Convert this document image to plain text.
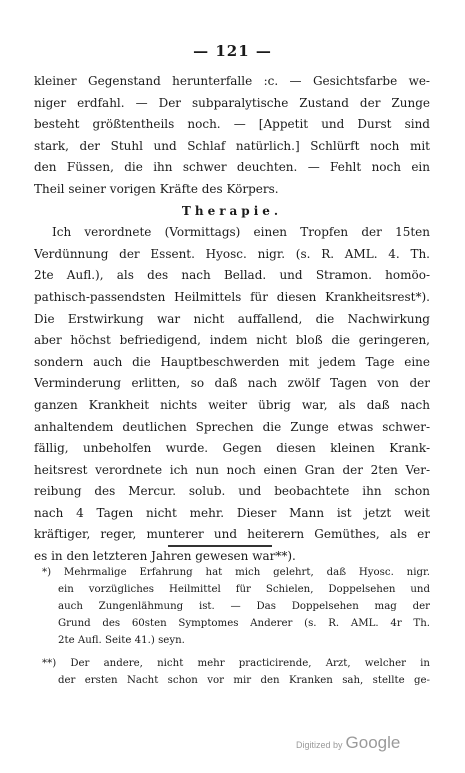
— 121 —
kleiner Gegenstand herunterfalle :c. — Gesichtsfarbe we-
niger erdfahl. — Der subparalytische Zustand der Zunge
besteht größtentheils noch. — [Appetit und Durst sind
stark, der Stuhl und Schlaf natürlich.] Schlürft noch mit
den Füssen, die ihn schwer deuchten. — Fehlt noch ein
Theil seiner vorigen Kräfte des Körpers.
Therapie.
Ich verordnete (Vormittags) einen Tropfen der 15ten
Verdünnung der Essent. Hyosc. nigr. (s. R. AML. 4. Th.
2te Aufl.), als des nach Bellad. und Stramon. homöo-
pathisch-passendsten Heilmittels für diesen Krankheitsrest*).
Die Erstwirkung war nicht auffallend, die Nachwirkung
aber höchst befriedigend, indem nicht bloß die geringeren,
sondern auch die Hauptbeschwerden mit jedem Tage eine
Verminderung erlitten, so daß nach zwölf Tagen von der
ganzen Krankheit nichts weiter übrig war, als daß nach
anhaltendem deutlichen Sprechen die Zunge etwas schwer-
fällig, unbeholfen wurde. Gegen diesen kleinen Krank-
heitsrest verordnete ich nun noch einen Gran der 2ten Ver-
reibung des Mercur. solub. und beobachtete ihn schon
nach 4 Tagen nicht mehr. Dieser Mann ist jetzt weit
kräftiger, reger, munterer und heiterern Gemüthes, als er
es in den letzteren Jahren gewesen war**).
*) Mehrmalige Erfahrung hat mich gelehrt, daß Hyosc. nigr.
ein vorzügliches Heilmittel für Schielen, Doppelsehen und
auch Zungenlähmung ist. — Das Doppelsehen mag der
Grund des 60sten Symptomes Anderer (s. R. AML. 4r Th.
2te Aufl. Seite 41.) seyn.
**) Der andere, nicht mehr practicirende, Arzt, welcher in
der ersten Nacht schon vor mir den Kranken sah, stellte ge-
Digitized by Google
